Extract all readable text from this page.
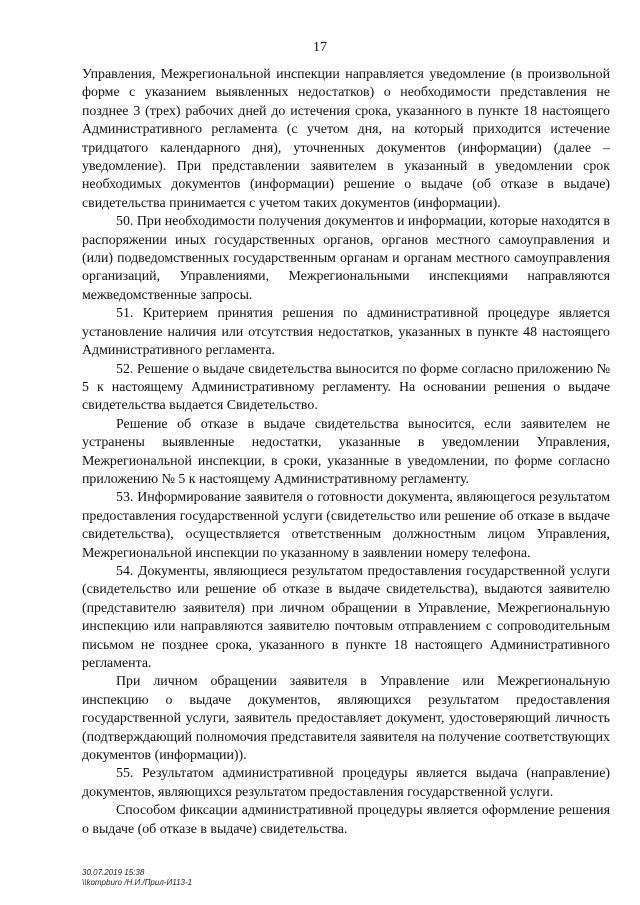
17

Управления, Межрегиональной инспекции направляется уведомление (в произвольной форме с указанием выявленных недостатков) о необходимости представления не позднее 3 (трех) рабочих дней до истечения срока, указанного в пункте 18 настоящего Административного регламента (с учетом дня, на который приходится истечение тридцатого календарного дня), уточненных документов (информации) (далее – уведомление). При представлении заявителем в указанный в уведомлении срок необходимых документов (информации) решение о выдаче (об отказе в выдаче) свидетельства принимается с учетом таких документов (информации).

50. При необходимости получения документов и информации, которые находятся в распоряжении иных государственных органов, органов местного самоуправления и (или) подведомственных государственным органам и органам местного самоуправления организаций, Управлениями, Межрегиональными инспекциями направляются межведомственные запросы.

51. Критерием принятия решения по административной процедуре является установление наличия или отсутствия недостатков, указанных в пункте 48 настоящего Административного регламента.

52. Решение о выдаче свидетельства выносится по форме согласно приложению № 5 к настоящему Административному регламенту. На основании решения о выдаче свидетельства выдается Свидетельство.

Решение об отказе в выдаче свидетельства выносится, если заявителем не устранены выявленные недостатки, указанные в уведомлении Управления, Межрегиональной инспекции, в сроки, указанные в уведомлении, по форме согласно приложению № 5 к настоящему Административному регламенту.

53. Информирование заявителя о готовности документа, являющегося результатом предоставления государственной услуги (свидетельство или решение об отказе в выдаче свидетельства), осуществляется ответственным должностным лицом Управления, Межрегиональной инспекции по указанному в заявлении номеру телефона.

54. Документы, являющиеся результатом предоставления государственной услуги (свидетельство или решение об отказе в выдаче свидетельства), выдаются заявителю (представителю заявителя) при личном обращении в Управление, Межрегиональную инспекцию или направляются заявителю почтовым отправлением с сопроводительным письмом не позднее срока, указанного в пункте 18 настоящего Административного регламента.

При личном обращении заявителя в Управление или Межрегиональную инспекцию о выдаче документов, являющихся результатом предоставления государственной услуги, заявитель предоставляет документ, удостоверяющий личность (подтверждающий полномочия представителя заявителя на получение соответствующих документов (информации)).

55. Результатом административной процедуры является выдача (направление) документов, являющихся результатом предоставления государственной услуги.

Способом фиксации административной процедуры является оформление решения о выдаче (об отказе в выдаче) свидетельства.

30.07.2019 15:38
\\kompburo /Н.И./Прил-И113-1
